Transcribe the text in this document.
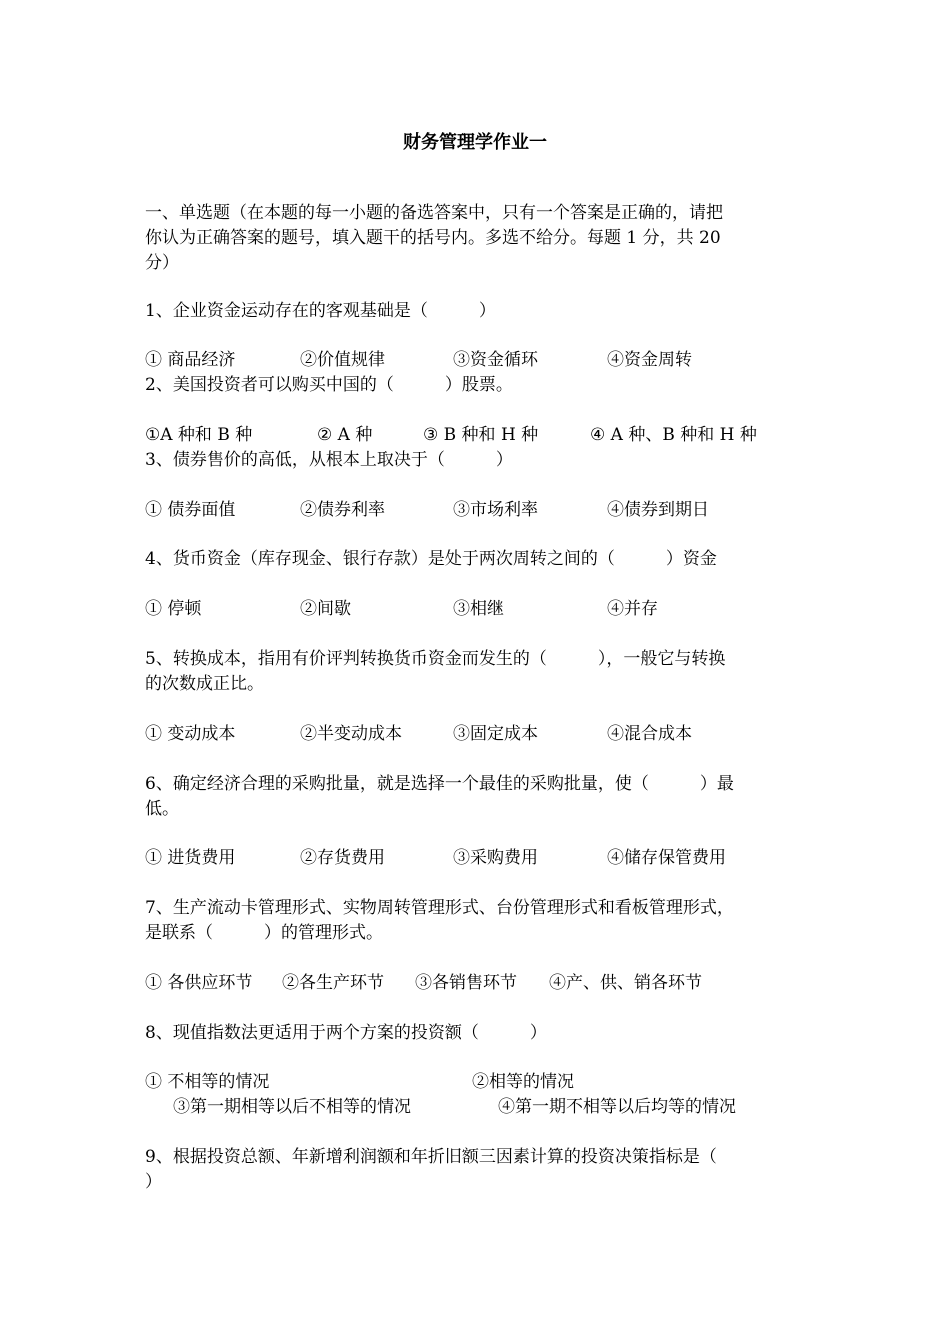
财务管理学作业一
一、单选题（在本题的每一小题的备选答案中，只有一个答案是正确的，请把
你认为正确答案的题号，填入题干的括号内。多选不给分。每题 1 分，共 20
分）
1、企业资金运动存在的客观基础是（　　　）
① 商品经济	②价值规律	③资金循环	④资金周转
2、美国投资者可以购买中国的（　　　）股票。
①A 种和 B 种	② A 种	③ B 种和 H 种	④ A 种、B 种和 H 种
3、债券售价的高低，从根本上取决于（　　　）
① 债券面值	②债券利率	③市场利率	④债券到期日
4、货币资金（库存现金、银行存款）是处于两次周转之间的（　　　）资金
① 停顿	②间歇	③相继	④并存
5、转换成本，指用有价评判转换货币资金而发生的（　　　），一般它与转换
的次数成正比。
① 变动成本	②半变动成本	③固定成本	④混合成本
6、确定经济合理的采购批量，就是选择一个最佳的采购批量，使（　　　）最
低。
① 进货费用	②存货费用	③采购费用	④储存保管费用
7、生产流动卡管理形式、实物周转管理形式、台份管理形式和看板管理形式，
是联系（　　　）的管理形式。
① 各供应环节 ②各生产环节 ③各销售环节 ④产、供、销各环节
8、现值指数法更适用于两个方案的投资额（　　　）
① 不相等的情况	②相等的情况
③第一期相等以后不相等的情况	④第一期不相等以后均等的情况
9、根据投资总额、年新增利润额和年折旧额三因素计算的投资决策指标是（
）
